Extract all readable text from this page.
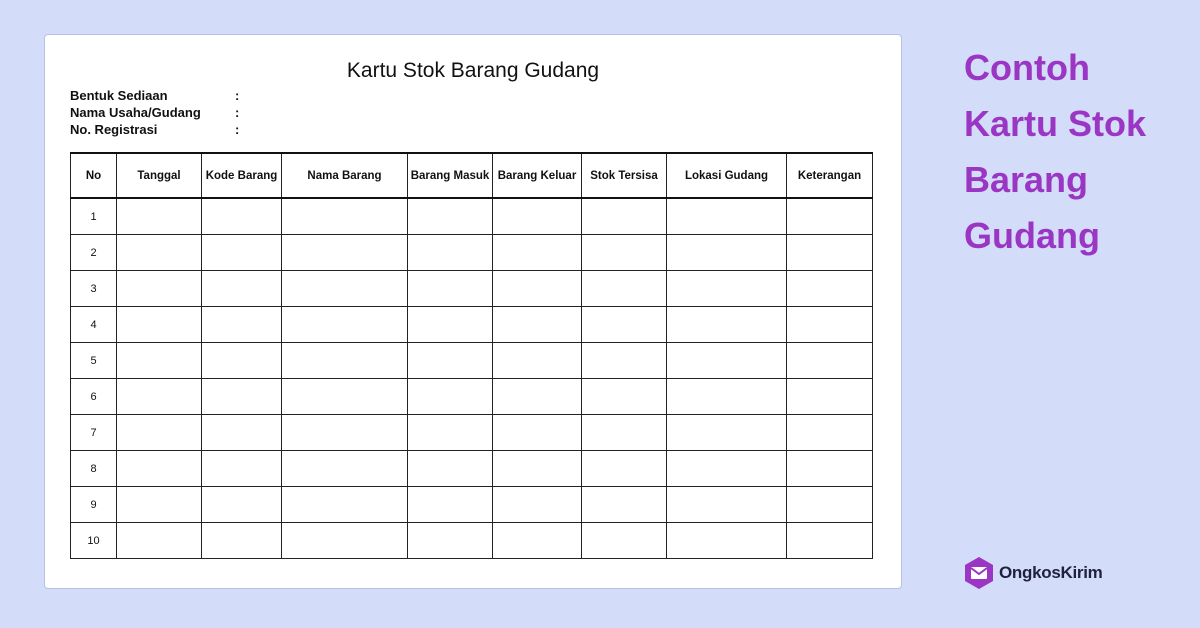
Kartu Stok Barang Gudang
Bentuk Sediaan	:
Nama Usaha/Gudang	:
No. Registrasi	:
No	Tanggal	Kode Barang	Nama Barang	Barang Masuk	Barang Keluar	Stok Tersisa	Lokasi Gudang	Keterangan
1								
2								
3								
4								
5								
6								
7								
8								
9								
10								
Contoh
Kartu Stok
Barang
Gudang
OngkosKirim
